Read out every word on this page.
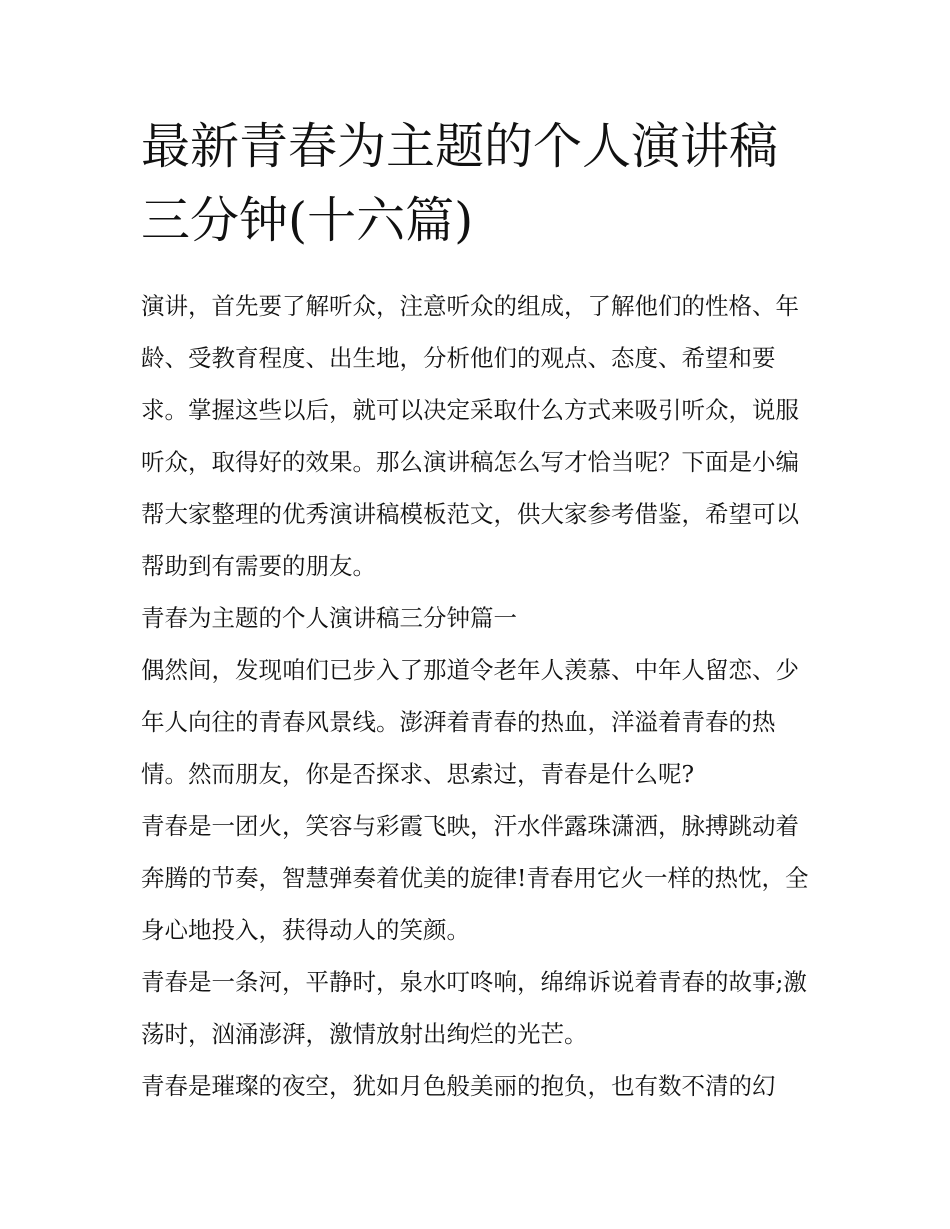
最新青春为主题的个人演讲稿
三分钟(十六篇)

演讲，首先要了解听众，注意听众的组成，了解他们的性格、年龄、受教育程度、出生地，分析他们的观点、态度、希望和要求。掌握这些以后，就可以决定采取什么方式来吸引听众，说服听众，取得好的效果。那么演讲稿怎么写才恰当呢？下面是小编帮大家整理的优秀演讲稿模板范文，供大家参考借鉴，希望可以帮助到有需要的朋友。

青春为主题的个人演讲稿三分钟篇一

偶然间，发现咱们已步入了那道令老年人羡慕、中年人留恋、少年人向往的青春风景线。澎湃着青春的热血，洋溢着青春的热情。然而朋友，你是否探求、思索过，青春是什么呢?

青春是一团火，笑容与彩霞飞映，汗水伴露珠潇洒，脉搏跳动着奔腾的节奏，智慧弹奏着优美的旋律!青春用它火一样的热忱，全身心地投入，获得动人的笑颜。

青春是一条河，平静时，泉水叮咚响，绵绵诉说着青春的故事;激荡时，汹涌澎湃，激情放射出绚烂的光芒。

青春是璀璨的夜空，犹如月色般美丽的抱负，也有数不清的幻
